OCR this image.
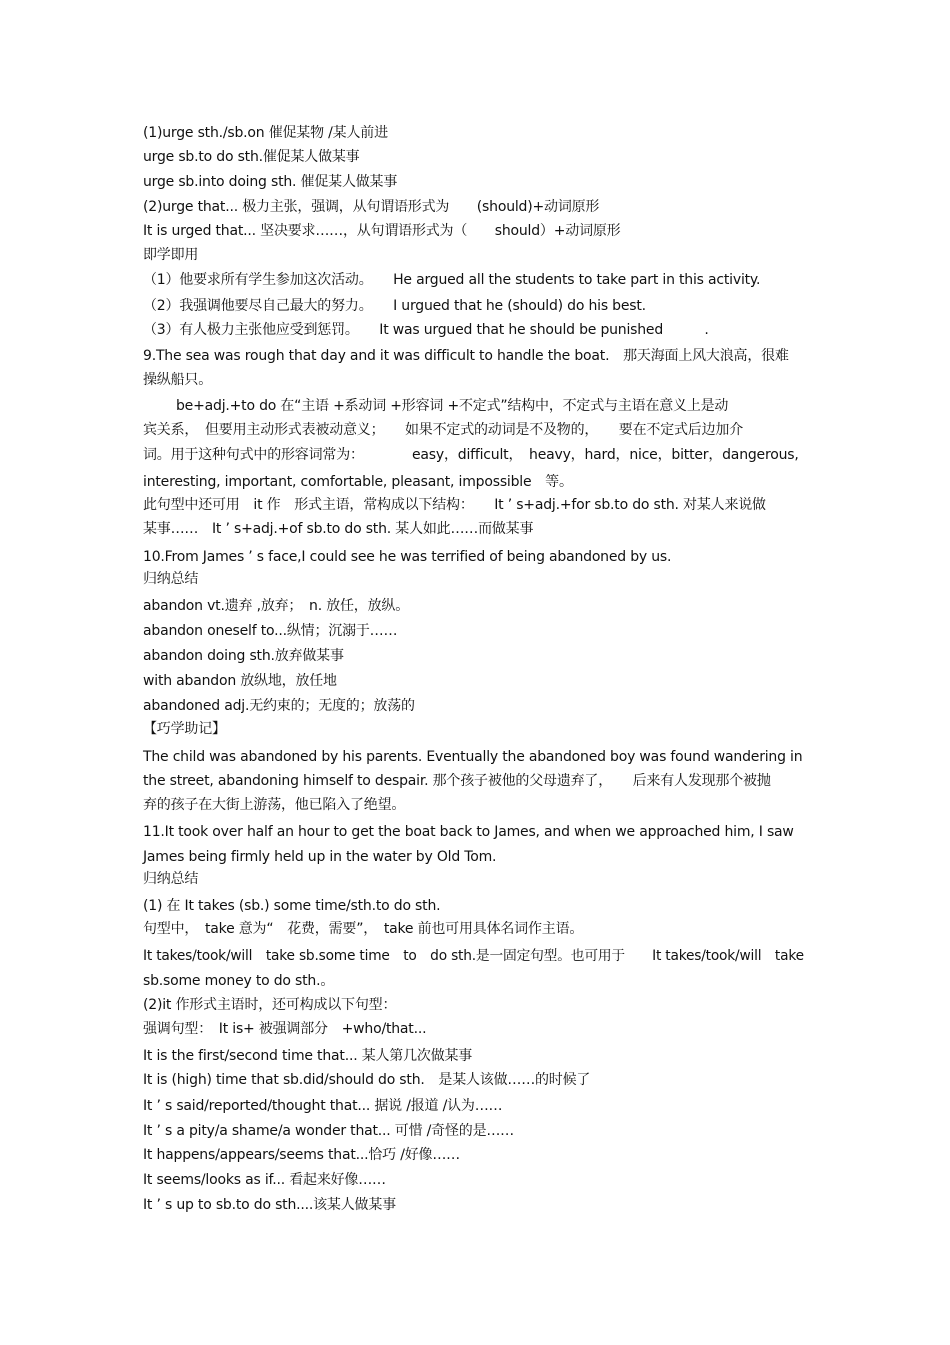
(1)urge sth./sb.on 催促某物 /某人前进
urge sb.to do sth.催促某人做某事
urge sb.into doing sth. 催促某人做某事
(2)urge that... 极力主张，强调，从句谓语形式为　　(should)+动词原形
It is urged that... 坚决要求……，从句谓语形式为（　　should）+动词原形
即学即用
（1）他要求所有学生参加这次活动。　　He argued all the students to take part in this activity.
（2）我强调他要尽自己最大的努力。　　I urgued that he (should) do his best.
（3）有人极力主张他应受到惩罚。　　It was urgued that he should be punished　　　.
9.The sea was rough that day and it was difficult to handle the boat.　那天海面上风大浪高，很难
操纵船只。
be+adj.+to do 在“主语 +系动词 +形容词 +不定式”结构中，不定式与主语在意义上是动
宾关系，　但要用主动形式表被动意义；　　如果不定式的动词是不及物的，　　要在不定式后边加介
词。用于这种句式中的形容词常为：　　　　easy，difficult，　heavy，hard，nice，bitter，dangerous,
interesting, important, comfortable, pleasant, impossible　等。
此句型中还可用　it 作　形式主语，常构成以下结构：　　It ’ s+adj.+for sb.to do sth. 对某人来说做
某事……　It ’ s+adj.+of sb.to do sth. 某人如此……而做某事
10.From James ’ s face,I could see he was terrified of being abandoned by us.
归纳总结
abandon vt.遗弃 ,放弃；　n. 放任，放纵。
abandon oneself to...纵情；沉溺于……
abandon doing sth.放弃做某事
with abandon 放纵地，放任地
abandoned adj.无约束的；无度的；放荡的
【巧学助记】
The child was abandoned by his parents. Eventually the abandoned boy was found wandering in
the street, abandoning himself to despair. 那个孩子被他的父母遗弃了，　　后来有人发现那个被抛
弃的孩子在大街上游荡，他已陷入了绝望。
11.It took over half an hour to get the boat back to James, and when we approached him, I saw
James being firmly held up in the water by Old Tom.
归纳总结
(1) 在 It takes (sb.) some time/sth.to do sth.
句型中，　take 意为“　花费，需要”，　take 前也可用具体名词作主语。
It takes/took/will　take sb.some time　to　do sth.是一固定句型。也可用于　　It takes/took/will　take
sb.some money to do sth.。
(2)it 作形式主语时，还可构成以下句型：
强调句型：　It is+ 被强调部分　+who/that...
It is the first/second time that... 某人第几次做某事
It is (high) time that sb.did/should do sth.　是某人该做……的时候了
It ’ s said/reported/thought that... 据说 /报道 /认为……
It ’ s a pity/a shame/a wonder that... 可惜 /奇怪的是……
It happens/appears/seems that...恰巧 /好像……
It seems/looks as if... 看起来好像……
It ’ s up to sb.to do sth....该某人做某事
